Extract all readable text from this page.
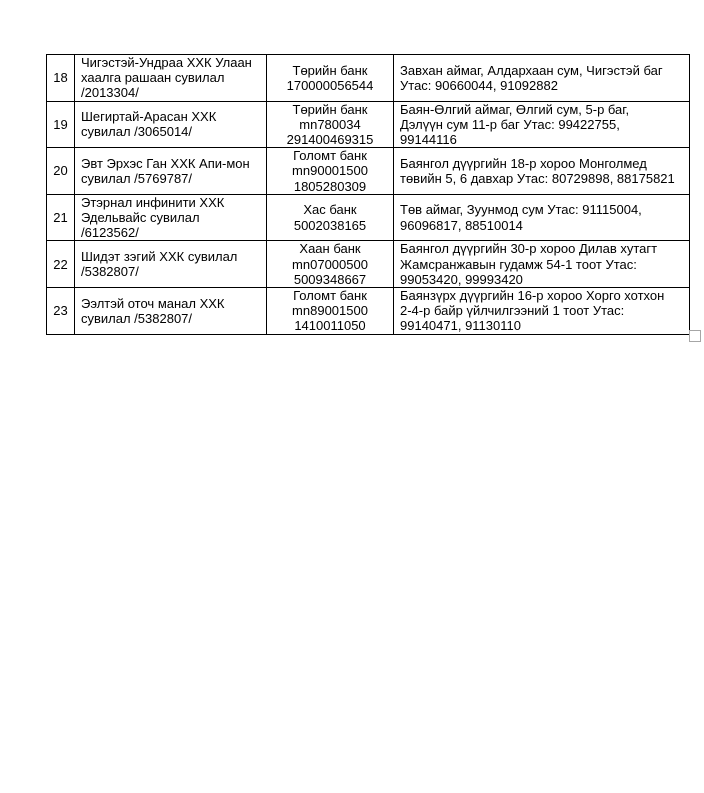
18	Чигэстэй-Ундраа ХХК Улаан
хаалга рашаан сувилал
/2013304/	Төрийн банк
170000056544	Завхан аймаг, Алдархаан сум, Чигэстэй баг
Утас: 90660044, 91092882
19	Шегиртай-Арасан ХХК
сувилал /3065014/	Төрийн банк
mn780034
291400469315	Баян-Өлгий аймаг, Өлгий сум, 5-р баг,
Дэлүүн сум 11-р баг Утас: 99422755,
99144116
20	Эвт Эрхэс Ган ХХК Апи-мон
сувилал /5769787/	Голомт банк
mn90001500
1805280309	Баянгол дүүргийн 18-р хороо Монголмед
төвийн 5, 6 давхар Утас: 80729898, 88175821
21	Этэрнал инфинити ХХК
Эдельвайс сувилал
/6123562/	Хас банк
5002038165	Төв аймаг, Зуунмод сум Утас: 91115004,
96096817, 88510014
22	Шидэт зэгий ХХК сувилал
/5382807/	Хаан банк
mn07000500
5009348667	Баянгол дүүргийн 30-р хороо Дилав хутагт
Жамсранжавын гудамж 54-1 тоот Утас:
99053420, 99993420
23	Ээлтэй оточ манал ХХК
сувилал /5382807/	Голомт банк
mn89001500
1410011050	Баянзүрх дүүргийн 16-р хороо Хорго хотхон
2-4-р байр үйлчилгээний 1 тоот Утас:
99140471, 91130110
